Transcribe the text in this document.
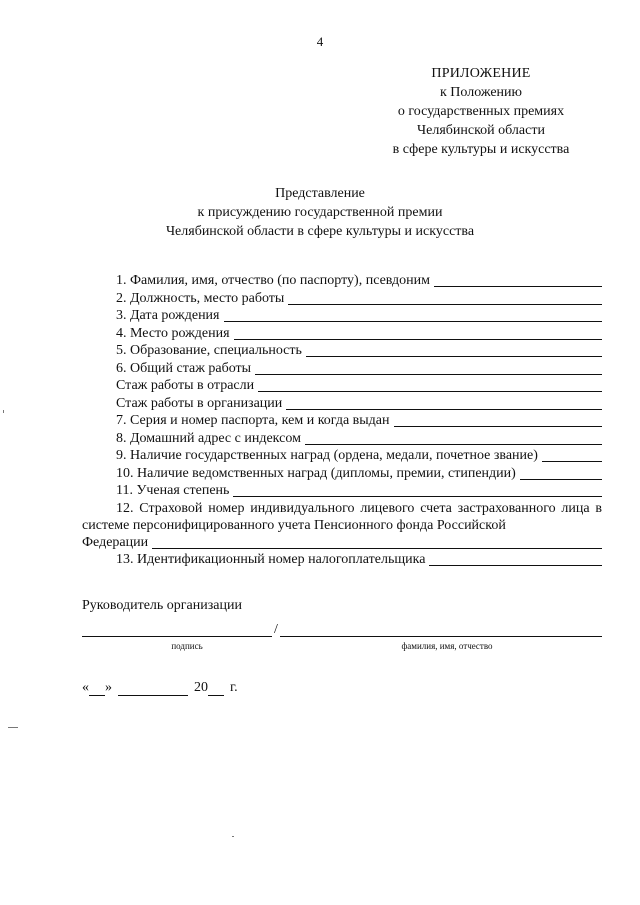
4
ПРИЛОЖЕНИЕ
к Положению
о государственных премиях
Челябинской области
в сфере культуры и искусства
Представление
к присуждению государственной премии
Челябинской области в сфере культуры и искусства
1. Фамилия, имя, отчество (по паспорту), псевдоним
2. Должность, место работы
3. Дата рождения
4. Место рождения
5. Образование, специальность
6. Общий стаж работы
Стаж работы в отрасли
Стаж работы в организации
7. Серия и номер паспорта, кем и когда выдан
8. Домашний адрес с индексом
9. Наличие государственных наград (ордена, медали, почетное звание)
10. Наличие ведомственных наград (дипломы, премии, стипендии)
11. Ученая степень
12. Страховой номер индивидуального лицевого счета застрахованного лица в системе персонифицированного учета Пенсионного фонда Российской
Федерации
13. Идентификационный номер налогоплательщика
Руководитель организации
/
подпись	фамилия, имя, отчество
« »	20 г.
